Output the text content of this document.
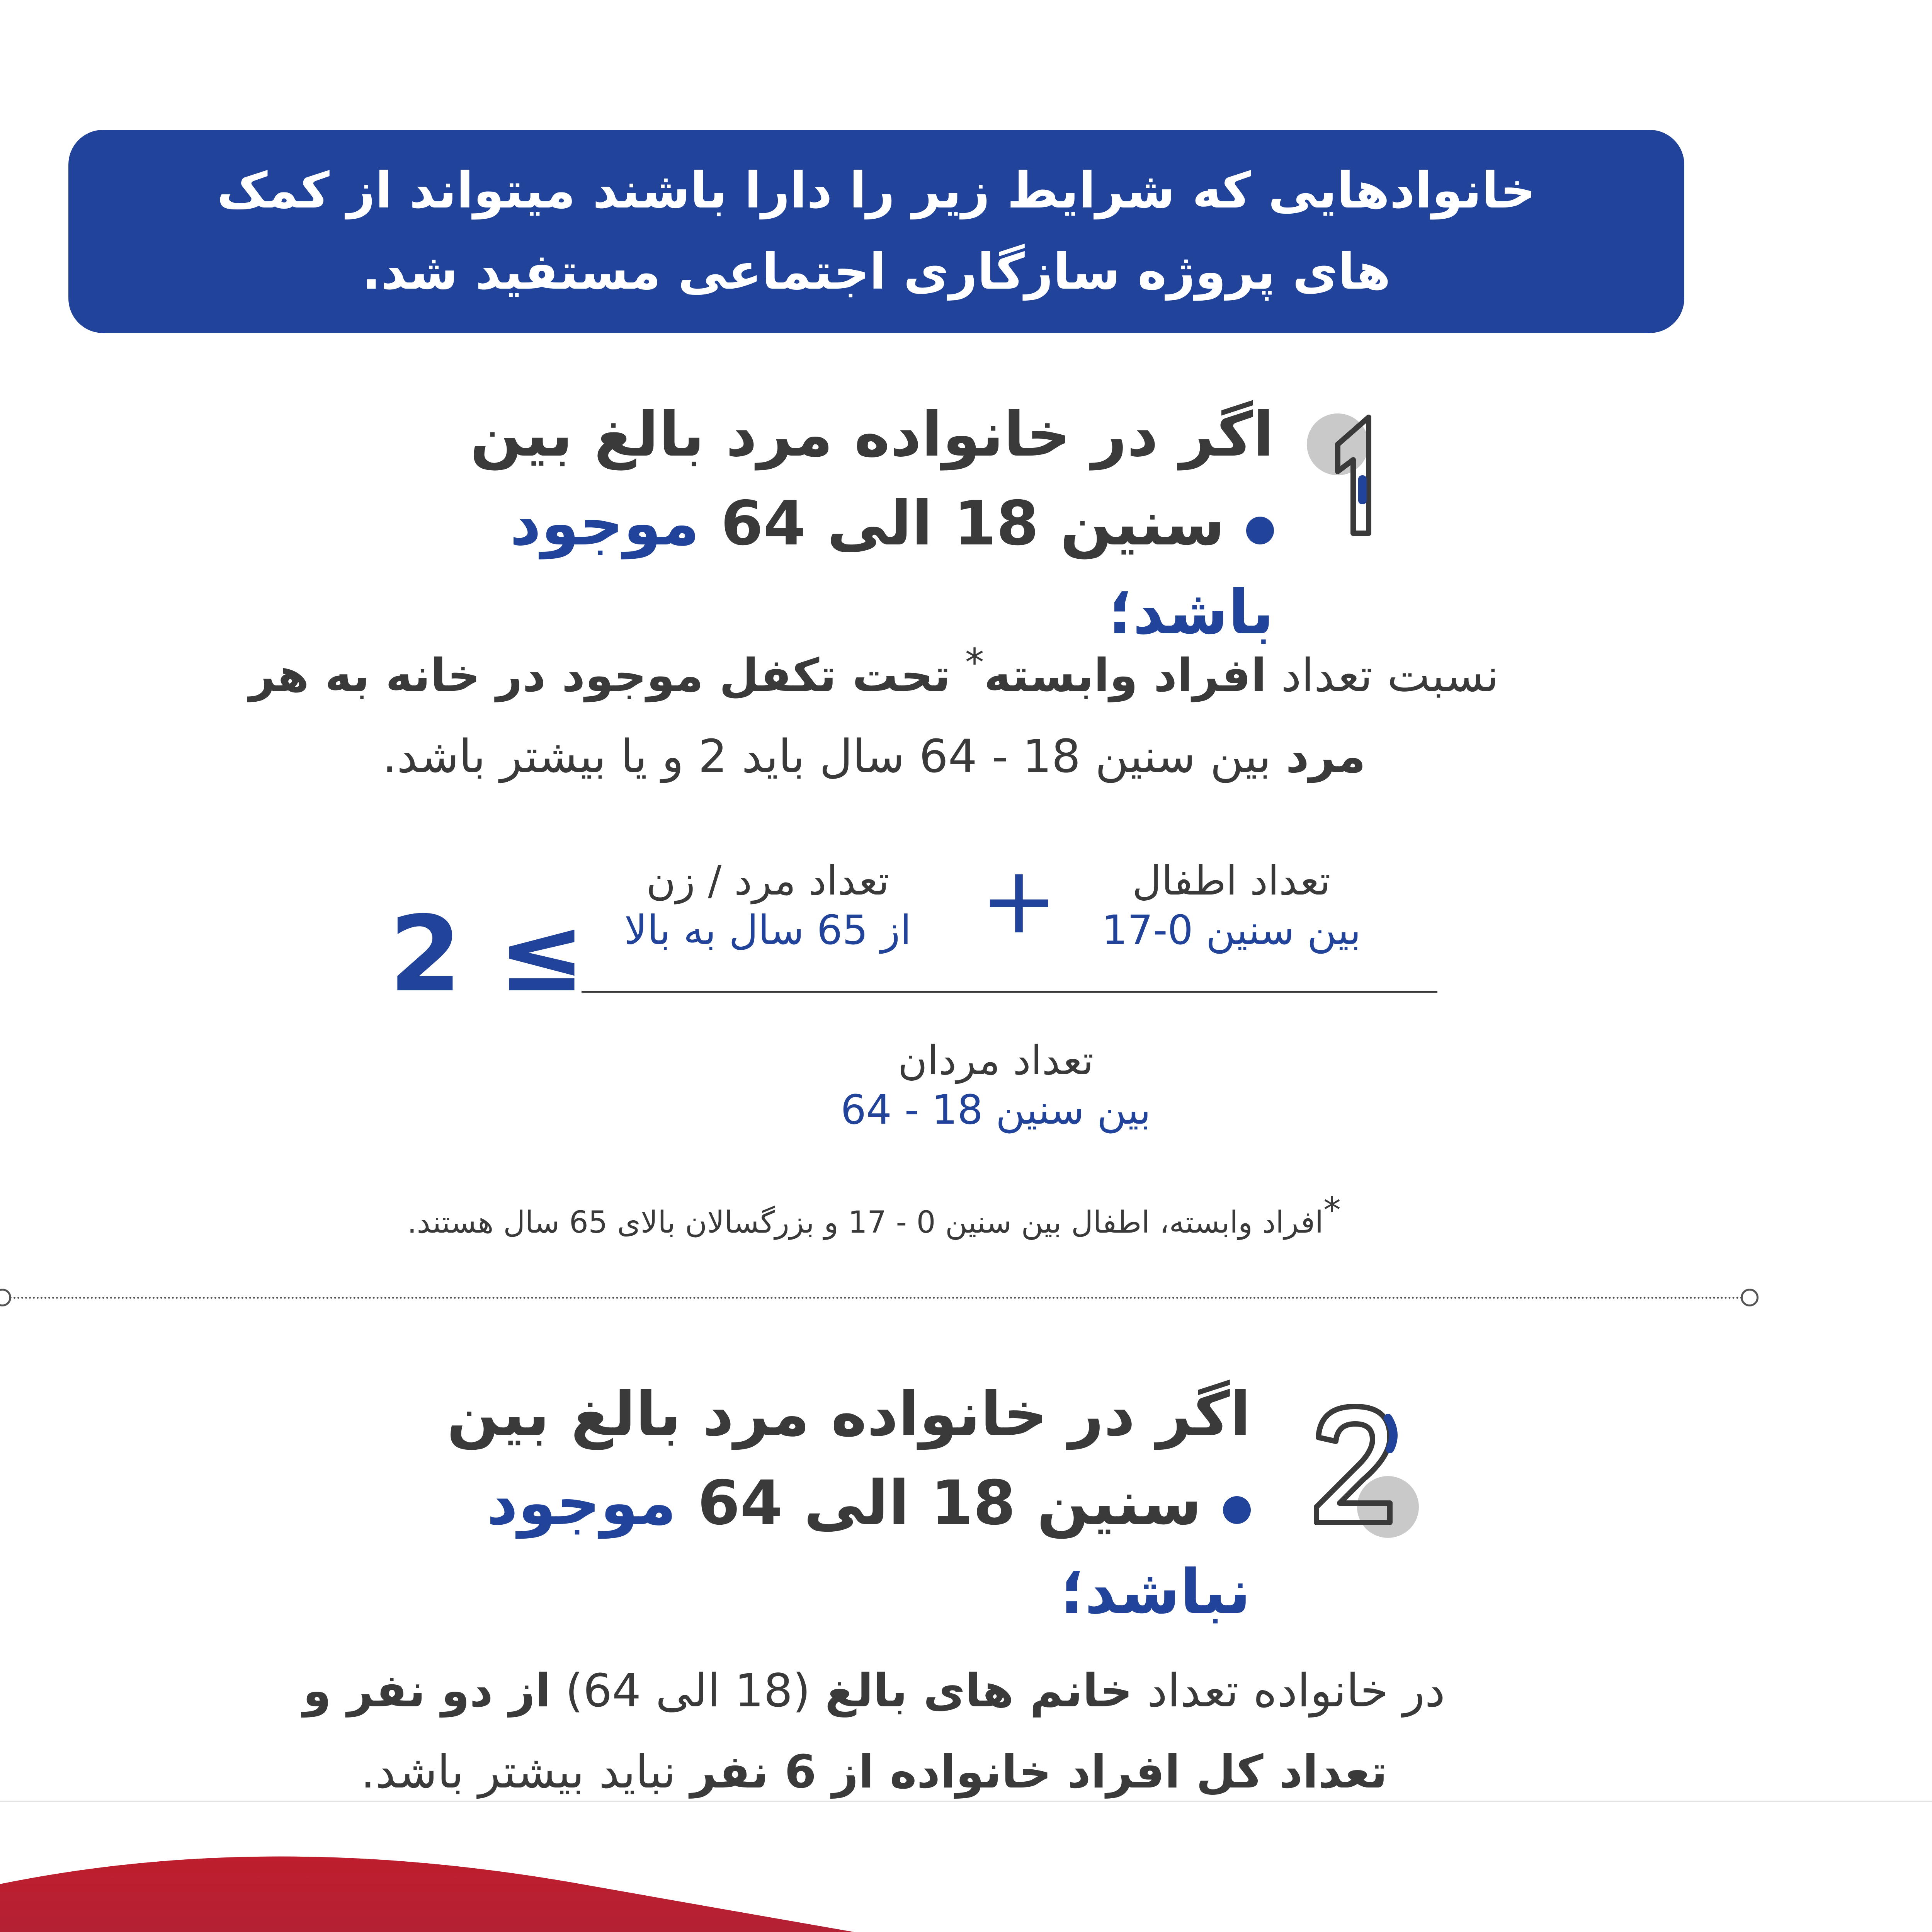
خانوادهایی که شرایط زیر را دارا باشند میتواند از کمک های پروژه سازگاری اجتماعی مستفید شد.

اگر در خانواده مرد بالغ بین
سنین 18 الی 64 موجود باشد؛

نسبت تعداد افراد وابسته* تحت تکفل موجود در خانه به هر مرد بین سنین 18 - 64 سال باید 2 و یا بیشتر باشد.

تعداد اطفال
بین سنین 0-17
+
تعداد مرد / زن
از 65 سال به بالا
تعداد مردان
بین سنین 18 - 64
2 ≤
*افراد وابسته، اطفال بین سنین 0 - 17 و بزرگسالان بالای 65 سال هستند.

اگر در خانواده مرد بالغ بین
سنین 18 الی 64 موجود نباشد؛

در خانواده تعداد خانم های بالغ (18 الی 64) از دو نفر و تعداد کل افراد خانواده از 6 نفر نباید بیشتر باشد.
